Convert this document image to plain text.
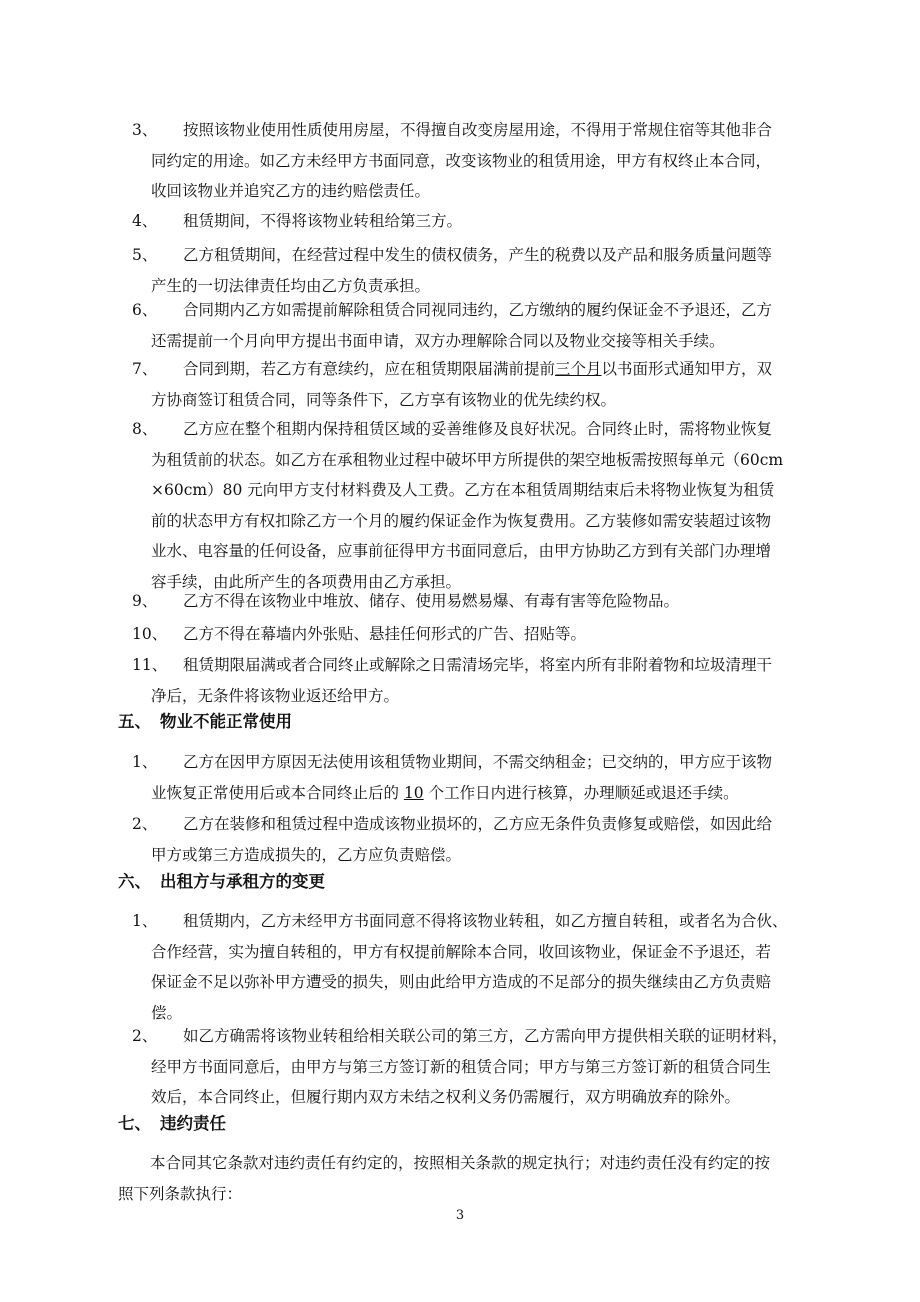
3、 按照该物业使用性质使用房屋，不得擅自改变房屋用途，不得用于常规住宿等其他非合
同约定的用途。如乙方未经甲方书面同意，改变该物业的租赁用途，甲方有权终止本合同，
收回该物业并追究乙方的违约赔偿责任。
4、 租赁期间，不得将该物业转租给第三方。
5、 乙方租赁期间，在经营过程中发生的债权债务，产生的税费以及产品和服务质量问题等
产生的一切法律责任均由乙方负责承担。
6、 合同期内乙方如需提前解除租赁合同视同违约，乙方缴纳的履约保证金不予退还，乙方
还需提前一个月向甲方提出书面申请，双方办理解除合同以及物业交接等相关手续。
7、 合同到期，若乙方有意续约，应在租赁期限届满前提前三个月以书面形式通知甲方，双
方协商签订租赁合同，同等条件下，乙方享有该物业的优先续约权。
8、 乙方应在整个租期内保持租赁区域的妥善维修及良好状况。合同终止时，需将物业恢复
为租赁前的状态。如乙方在承租物业过程中破坏甲方所提供的架空地板需按照每单元（60cm
×60cm）80 元向甲方支付材料费及人工费。乙方在本租赁周期结束后未将物业恢复为租赁
前的状态甲方有权扣除乙方一个月的履约保证金作为恢复费用。乙方装修如需安装超过该物
业水、电容量的任何设备，应事前征得甲方书面同意后，由甲方协助乙方到有关部门办理增
容手续，由此所产生的各项费用由乙方承担。
9、 乙方不得在该物业中堆放、储存、使用易燃易爆、有毒有害等危险物品。
10、 乙方不得在幕墙内外张贴、悬挂任何形式的广告、招贴等。
11、 租赁期限届满或者合同终止或解除之日需清场完毕，将室内所有非附着物和垃圾清理干
净后，无条件将该物业返还给甲方。
五、 物业不能正常使用
1、 乙方在因甲方原因无法使用该租赁物业期间，不需交纳租金；已交纳的，甲方应于该物
业恢复正常使用后或本合同终止后的 10 个工作日内进行核算，办理顺延或退还手续。
2、 乙方在装修和租赁过程中造成该物业损坏的，乙方应无条件负责修复或赔偿，如因此给
甲方或第三方造成损失的，乙方应负责赔偿。
六、 出租方与承租方的变更
1、 租赁期内，乙方未经甲方书面同意不得将该物业转租，如乙方擅自转租，或者名为合伙、
合作经营，实为擅自转租的，甲方有权提前解除本合同，收回该物业，保证金不予退还，若
保证金不足以弥补甲方遭受的损失，则由此给甲方造成的不足部分的损失继续由乙方负责赔
偿。
2、 如乙方确需将该物业转租给相关联公司的第三方，乙方需向甲方提供相关联的证明材料，
经甲方书面同意后，由甲方与第三方签订新的租赁合同；甲方与第三方签订新的租赁合同生
效后，本合同终止，但履行期内双方未结之权利义务仍需履行，双方明确放弃的除外。
七、 违约责任
本合同其它条款对违约责任有约定的，按照相关条款的规定执行；对违约责任没有约定的按
照下列条款执行：
3
